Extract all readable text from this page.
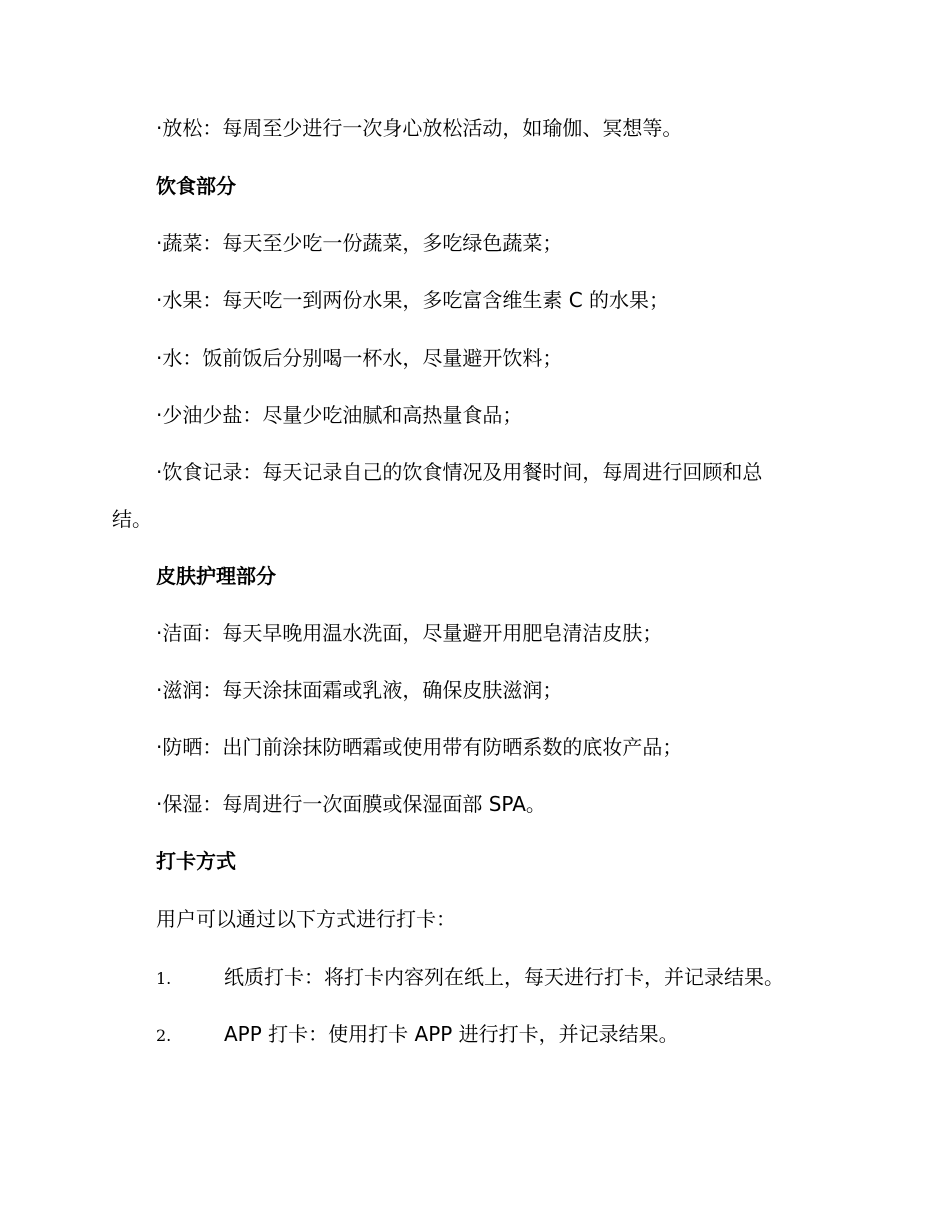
·放松：每周至少进行一次身心放松活动，如瑜伽、冥想等。
饮食部分
·蔬菜：每天至少吃一份蔬菜，多吃绿色蔬菜；
·水果：每天吃一到两份水果，多吃富含维生素 C 的水果；
·水：饭前饭后分别喝一杯水，尽量避开饮料；
·少油少盐：尽量少吃油腻和高热量食品；
·饮食记录：每天记录自己的饮食情况及用餐时间，每周进行回顾和总
结。
皮肤护理部分
·洁面：每天早晚用温水洗面，尽量避开用肥皂清洁皮肤；
·滋润：每天涂抹面霜或乳液，确保皮肤滋润；
·防晒：出门前涂抹防晒霜或使用带有防晒系数的底妆产品；
·保湿：每周进行一次面膜或保湿面部 SPA。
打卡方式
用户可以通过以下方式进行打卡：
1.	纸质打卡：将打卡内容列在纸上，每天进行打卡，并记录结果。
2.	APP 打卡：使用打卡 APP 进行打卡，并记录结果。
